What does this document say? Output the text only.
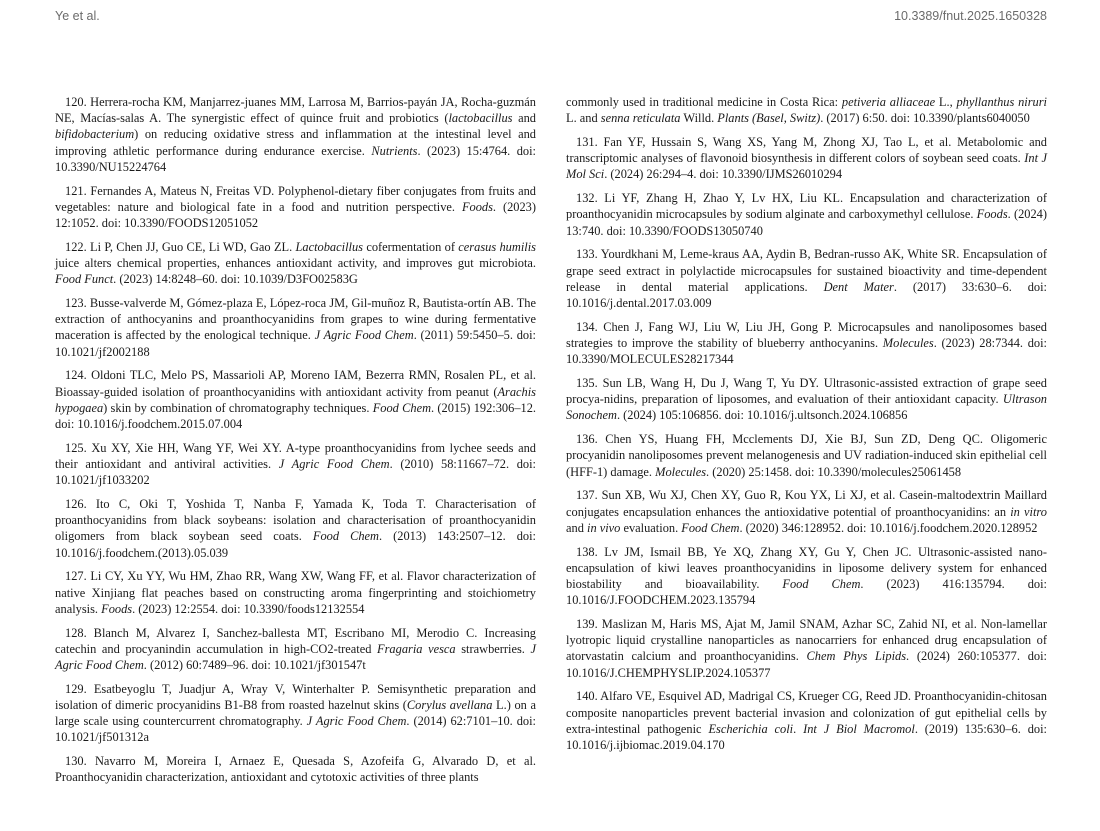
Ye et al.	10.3389/fnut.2025.1650328

120. Herrera-rocha KM, Manjarrez-juanes MM, Larrosa M, Barrios-payán JA, Rocha-guzmán NE, Macías-salas A. The synergistic effect of quince fruit and probiotics (lactobacillus and bifidobacterium) on reducing oxidative stress and inflammation at the intestinal level and improving athletic performance during endurance exercise. Nutrients. (2023) 15:4764. doi: 10.3390/NU15224764

121. Fernandes A, Mateus N, Freitas VD. Polyphenol-dietary fiber conjugates from fruits and vegetables: nature and biological fate in a food and nutrition perspective. Foods. (2023) 12:1052. doi: 10.3390/FOODS12051052

122. Li P, Chen JJ, Guo CE, Li WD, Gao ZL. Lactobacillus cofermentation of cerasus humilis juice alters chemical properties, enhances antioxidant activity, and improves gut microbiota. Food Funct. (2023) 14:8248–60. doi: 10.1039/D3FO02583G

123. Busse-valverde M, Gómez-plaza E, López-roca JM, Gil-muñoz R, Bautista-ortín AB. The extraction of anthocyanins and proanthocyanidins from grapes to wine during fermentative maceration is affected by the enological technique. J Agric Food Chem. (2011) 59:5450–5. doi: 10.1021/jf2002188

124. Oldoni TLC, Melo PS, Massarioli AP, Moreno IAM, Bezerra RMN, Rosalen PL, et al. Bioassay-guided isolation of proanthocyanidins with antioxidant activity from peanut (Arachis hypogaea) skin by combination of chromatography techniques. Food Chem. (2015) 192:306–12. doi: 10.1016/j.foodchem.2015.07.004

125. Xu XY, Xie HH, Wang YF, Wei XY. A-type proanthocyanidins from lychee seeds and their antioxidant and antiviral activities. J Agric Food Chem. (2010) 58:11667–72. doi: 10.1021/jf1033202

126. Ito C, Oki T, Yoshida T, Nanba F, Yamada K, Toda T. Characterisation of proanthocyanidins from black soybeans: isolation and characterisation of proanthocyanidin oligomers from black soybean seed coats. Food Chem. (2013) 143:2507–12. doi: 10.1016/j.foodchem.(2013).05.039

127. Li CY, Xu YY, Wu HM, Zhao RR, Wang XW, Wang FF, et al. Flavor characterization of native Xinjiang flat peaches based on constructing aroma fingerprinting and stoichiometry analysis. Foods. (2023) 12:2554. doi: 10.3390/foods12132554

128. Blanch M, Alvarez I, Sanchez-ballesta MT, Escribano MI, Merodio C. Increasing catechin and procyanindin accumulation in high-CO2-treated Fragaria vesca strawberries. J Agric Food Chem. (2012) 60:7489–96. doi: 10.1021/jf301547t

129. Esatbeyoglu T, Juadjur A, Wray V, Winterhalter P. Semisynthetic preparation and isolation of dimeric procyanidins B1-B8 from roasted hazelnut skins (Corylus avellana L.) on a large scale using countercurrent chromatography. J Agric Food Chem. (2014) 62:7101–10. doi: 10.1021/jf501312a

130. Navarro M, Moreira I, Arnaez E, Quesada S, Azofeifa G, Alvarado D, et al. Proanthocyanidin characterization, antioxidant and cytotoxic activities of three plants

commonly used in traditional medicine in Costa Rica: petiveria alliaceae L., phyllanthus niruri L. and senna reticulata Willd. Plants (Basel, Switz). (2017) 6:50. doi: 10.3390/plants6040050

131. Fan YF, Hussain S, Wang XS, Yang M, Zhong XJ, Tao L, et al. Metabolomic and transcriptomic analyses of flavonoid biosynthesis in different colors of soybean seed coats. Int J Mol Sci. (2024) 26:294–4. doi: 10.3390/IJMS26010294

132. Li YF, Zhang H, Zhao Y, Lv HX, Liu KL. Encapsulation and characterization of proanthocyanidin microcapsules by sodium alginate and carboxymethyl cellulose. Foods. (2024) 13:740. doi: 10.3390/FOODS13050740

133. Yourdkhani M, Leme-kraus AA, Aydin B, Bedran-russo AK, White SR. Encapsulation of grape seed extract in polylactide microcapsules for sustained bioactivity and time-dependent release in dental material applications. Dent Mater. (2017) 33:630–6. doi: 10.1016/j.dental.2017.03.009

134. Chen J, Fang WJ, Liu W, Liu JH, Gong P. Microcapsules and nanoliposomes based strategies to improve the stability of blueberry anthocyanins. Molecules. (2023) 28:7344. doi: 10.3390/MOLECULES28217344

135. Sun LB, Wang H, Du J, Wang T, Yu DY. Ultrasonic-assisted extraction of grape seed procya-nidins, preparation of liposomes, and evaluation of their antioxidant capacity. Ultrason Sonochem. (2024) 105:106856. doi: 10.1016/j.ultsonch.2024.106856

136. Chen YS, Huang FH, Mcclements DJ, Xie BJ, Sun ZD, Deng QC. Oligomeric procyanidin nanoliposomes prevent melanogenesis and UV radiation-induced skin epithelial cell (HFF-1) damage. Molecules. (2020) 25:1458. doi: 10.3390/molecules25061458

137. Sun XB, Wu XJ, Chen XY, Guo R, Kou YX, Li XJ, et al. Casein-maltodextrin Maillard conjugates encapsulation enhances the antioxidative potential of proanthocyanidins: an in vitro and in vivo evaluation. Food Chem. (2020) 346:128952. doi: 10.1016/j.foodchem.2020.128952

138. Lv JM, Ismail BB, Ye XQ, Zhang XY, Gu Y, Chen JC. Ultrasonic-assisted nano-encapsulation of kiwi leaves proanthocyanidins in liposome delivery system for enhanced biostability and bioavailability. Food Chem. (2023) 416:135794. doi: 10.1016/J.FOODCHEM.2023.135794

139. Maslizan M, Haris MS, Ajat M, Jamil SNAM, Azhar SC, Zahid NI, et al. Non-lamellar lyotropic liquid crystalline nanoparticles as nanocarriers for enhanced drug encapsulation of atorvastatin calcium and proanthocyanidins. Chem Phys Lipids. (2024) 260:105377. doi: 10.1016/J.CHEMPHYSLIP.2024.105377

140. Alfaro VE, Esquivel AD, Madrigal CS, Krueger CG, Reed JD. Proanthocyanidin-chitosan composite nanoparticles prevent bacterial invasion and colonization of gut epithelial cells by extra-intestinal pathogenic Escherichia coli. Int J Biol Macromol. (2019) 135:630–6. doi: 10.1016/j.ijbiomac.2019.04.170
